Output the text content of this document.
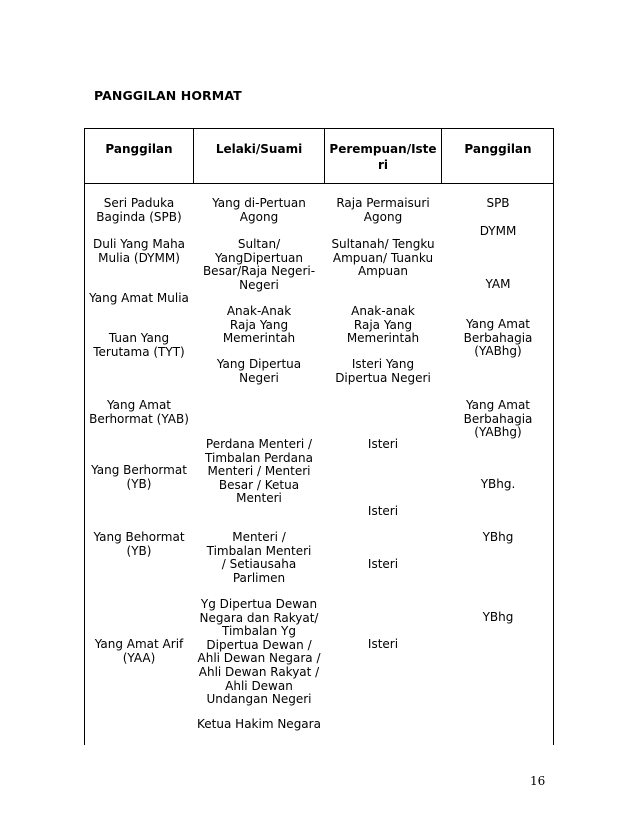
PANGGILAN HORMAT
Panggilan	Lelaki/Suami	Perempuan/Isteri
Panggilan
Seri Paduka
Baginda (SPB)
Duli Yang Maha
Mulia (DYMM)
Yang Amat Mulia
Tuan Yang
Terutama (TYT)
Yang Amat
Berhormat (YAB)
Yang Berhormat
(YB)
Yang Behormat
(YB)
Yang Amat Arif
(YAA)
Yang di-Pertuan
Agong
Sultan/
YangDipertuan
Besar/Raja Negeri-
Negeri
Anak-Anak
Raja Yang
Memerintah
Yang Dipertua
Negeri
Perdana Menteri /
Timbalan Perdana
Menteri / Menteri
Besar / Ketua
Menteri
Menteri /
Timbalan Menteri
/ Setiausaha
Parlimen
Yg Dipertua Dewan
Negara dan Rakyat/
Timbalan Yg
Dipertua Dewan /
Ahli Dewan Negara /
Ahli Dewan Rakyat /
Ahli Dewan
Undangan Negeri
Ketua Hakim Negara
Raja Permaisuri
Agong
Sultanah/ Tengku
Ampuan/ Tuanku
Ampuan
Anak-anak
Raja Yang
Memerintah
Isteri Yang
Dipertua Negeri
Isteri
Isteri
Isteri
Isteri
SPB
DYMM
YAM
Yang Amat
Berbahagia
(YABhg)
Yang Amat
Berbahagia
(YABhg)
YBhg.
YBhg
YBhg
16
